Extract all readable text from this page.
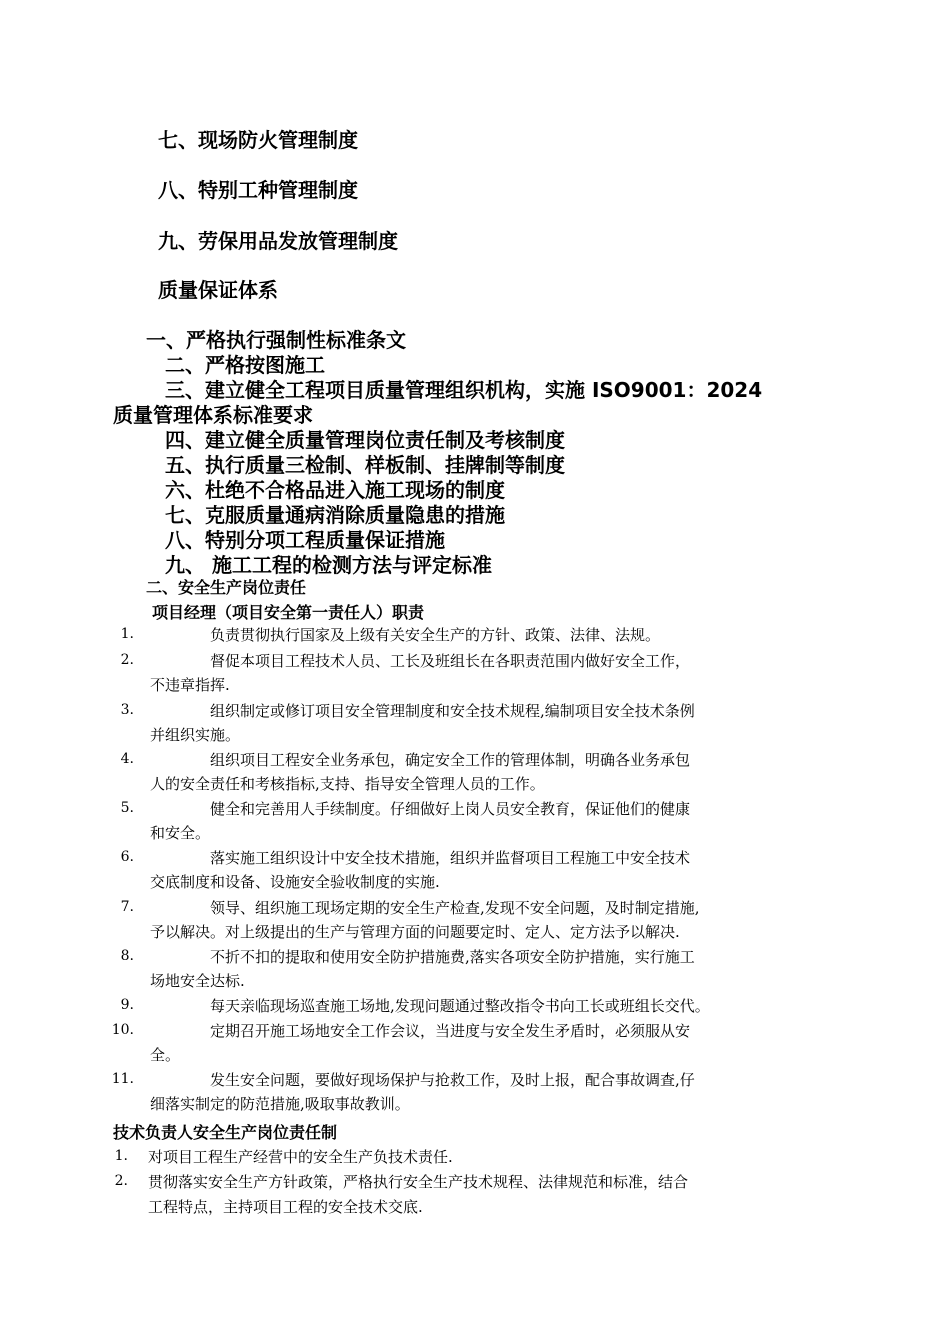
七、现场防火管理制度
八、特别工种管理制度
九、劳保用品发放管理制度
质量保证体系
一、严格执行强制性标准条文
二、严格按图施工
三、建立健全工程项目质量管理组织机构，实施 ISO9001：2024
质量管理体系标准要求
四、建立健全质量管理岗位责任制及考核制度
五、执行质量三检制、样板制、挂牌制等制度
六、杜绝不合格品进入施工现场的制度
七、克服质量通病消除质量隐患的措施
八、特别分项工程质量保证措施
九、 施工工程的检测方法与评定标准
二、安全生产岗位责任
项目经理（项目安全第一责任人）职责
1.	负责贯彻执行国家及上级有关安全生产的方针、政策、法律、法规。
2.	督促本项目工程技术人员、工长及班组长在各职责范围内做好安全工作，
不违章指挥.
3.	组织制定或修订项目安全管理制度和安全技术规程,编制项目安全技术条例
并组织实施。
4.	组织项目工程安全业务承包，确定安全工作的管理体制，明确各业务承包
人的安全责任和考核指标,支持、指导安全管理人员的工作。
5.	健全和完善用人手续制度。仔细做好上岗人员安全教育，保证他们的健康
和安全。
6.	落实施工组织设计中安全技术措施，组织并监督项目工程施工中安全技术
交底制度和设备、设施安全验收制度的实施.
7.	领导、组织施工现场定期的安全生产检查,发现不安全问题，及时制定措施,
予以解决。对上级提出的生产与管理方面的问题要定时、定人、定方法予以解决.
8.	不折不扣的提取和使用安全防护措施费,落实各项安全防护措施，实行施工
场地安全达标.
9.	每天亲临现场巡查施工场地,发现问题通过整改指令书向工长或班组长交代。
10.	定期召开施工场地安全工作会议，当进度与安全发生矛盾时，必须服从安
全。
11.	发生安全问题，要做好现场保护与抢救工作，及时上报，配合事故调查,仔
细落实制定的防范措施,吸取事故教训。
技术负责人安全生产岗位责任制
1. 对项目工程生产经营中的安全生产负技术责任.
2. 贯彻落实安全生产方针政策，严格执行安全生产技术规程、法律规范和标准，结合
工程特点，主持项目工程的安全技术交底.
